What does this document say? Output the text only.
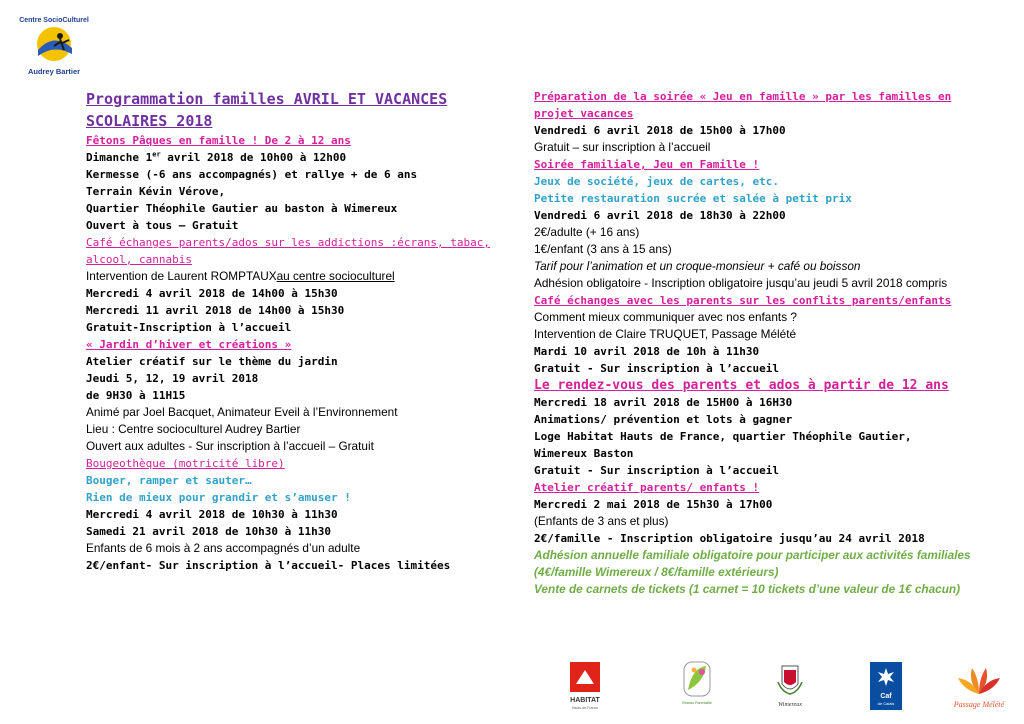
Centre SocioCulturel
Audrey Bartier
Programmation familles AVRIL ET VACANCES
SCOLAIRES 2018
Fêtons Pâques en famille ! De 2 à 12 ans
Dimanche 1er avril 2018 de 10h00 à 12h00
Kermesse (-6 ans accompagnés) et rallye + de 6 ans
Terrain Kévin Vérove,
Quartier Théophile Gautier au baston à Wimereux
Ouvert à tous – Gratuit
Café échanges parents/ados sur les addictions :écrans, tabac,
alcool, cannabis
Intervention de Laurent ROMPTAUXau centre socioculturel
Mercredi 4 avril 2018 de 14h00 à 15h30
Mercredi 11 avril 2018 de 14h00 à 15h30
Gratuit-Inscription à l’accueil
« Jardin d’hiver et créations »
Atelier créatif sur le thème du jardin
Jeudi 5, 12, 19 avril 2018
de 9H30 à 11H15
Animé par Joel Bacquet, Animateur Eveil à l’Environnement
Lieu : Centre socioculturel Audrey Bartier
Ouvert aux adultes - Sur inscription à l’accueil – Gratuit
Bougeothèque (motricité libre)
Bouger, ramper et sauter…
Rien de mieux pour grandir et s’amuser !
Mercredi 4 avril 2018 de 10h30 à 11h30
Samedi 21 avril 2018 de 10h30 à 11h30
Enfants de 6 mois à 2 ans accompagnés d’un adulte
2€/enfant- Sur inscription à l’accueil- Places limitées
Préparation de la soirée « Jeu en famille » par les familles en
projet vacances
Vendredi 6 avril 2018 de 15h00 à 17h00
Gratuit – sur inscription à l’accueil
Soirée familiale, Jeu en Famille !
Jeux de société, jeux de cartes, etc.
Petite restauration sucrée et salée à petit prix
Vendredi 6 avril 2018 de 18h30 à 22h00
2€/adulte (+ 16 ans)
1€/enfant (3 ans à 15 ans)
Tarif pour l’animation et un croque-monsieur + café ou boisson
Adhésion obligatoire - Inscription obligatoire jusqu’au jeudi 5 avril 2018 compris
Café échanges avec les parents sur les conflits parents/enfants
Comment mieux communiquer avec nos enfants ?
Intervention de Claire TRUQUET, Passage Mélété
Mardi 10 avril 2018 de 10h à 11h30
Gratuit - Sur inscription à l’accueil
Le rendez-vous des parents et ados à partir de 12 ans
Mercredi 18 avril 2018 de 15H00 à 16H30
Animations/ prévention et lots à gagner
Loge Habitat Hauts de France, quartier Théophile Gautier,
Wimereux Baston
Gratuit - Sur inscription à l’accueil
Atelier créatif parents/ enfants !
Mercredi 2 mai 2018 de 15h30 à 17h00
(Enfants de 3 ans et plus)
2€/famille - Inscription obligatoire jusqu’au 24 avril 2018
Adhésion annuelle familiale obligatoire pour participer aux activités familiales
(4€/famille Wimereux / 8€/famille extérieurs)
Vente de carnets de tickets (1 carnet = 10 tickets d’une valeur de 1€ chacun)
HABITAT
Hauts-de-France
Réseau Parentalité	Wimereux
Caf
de Calais	Passage Mélété
